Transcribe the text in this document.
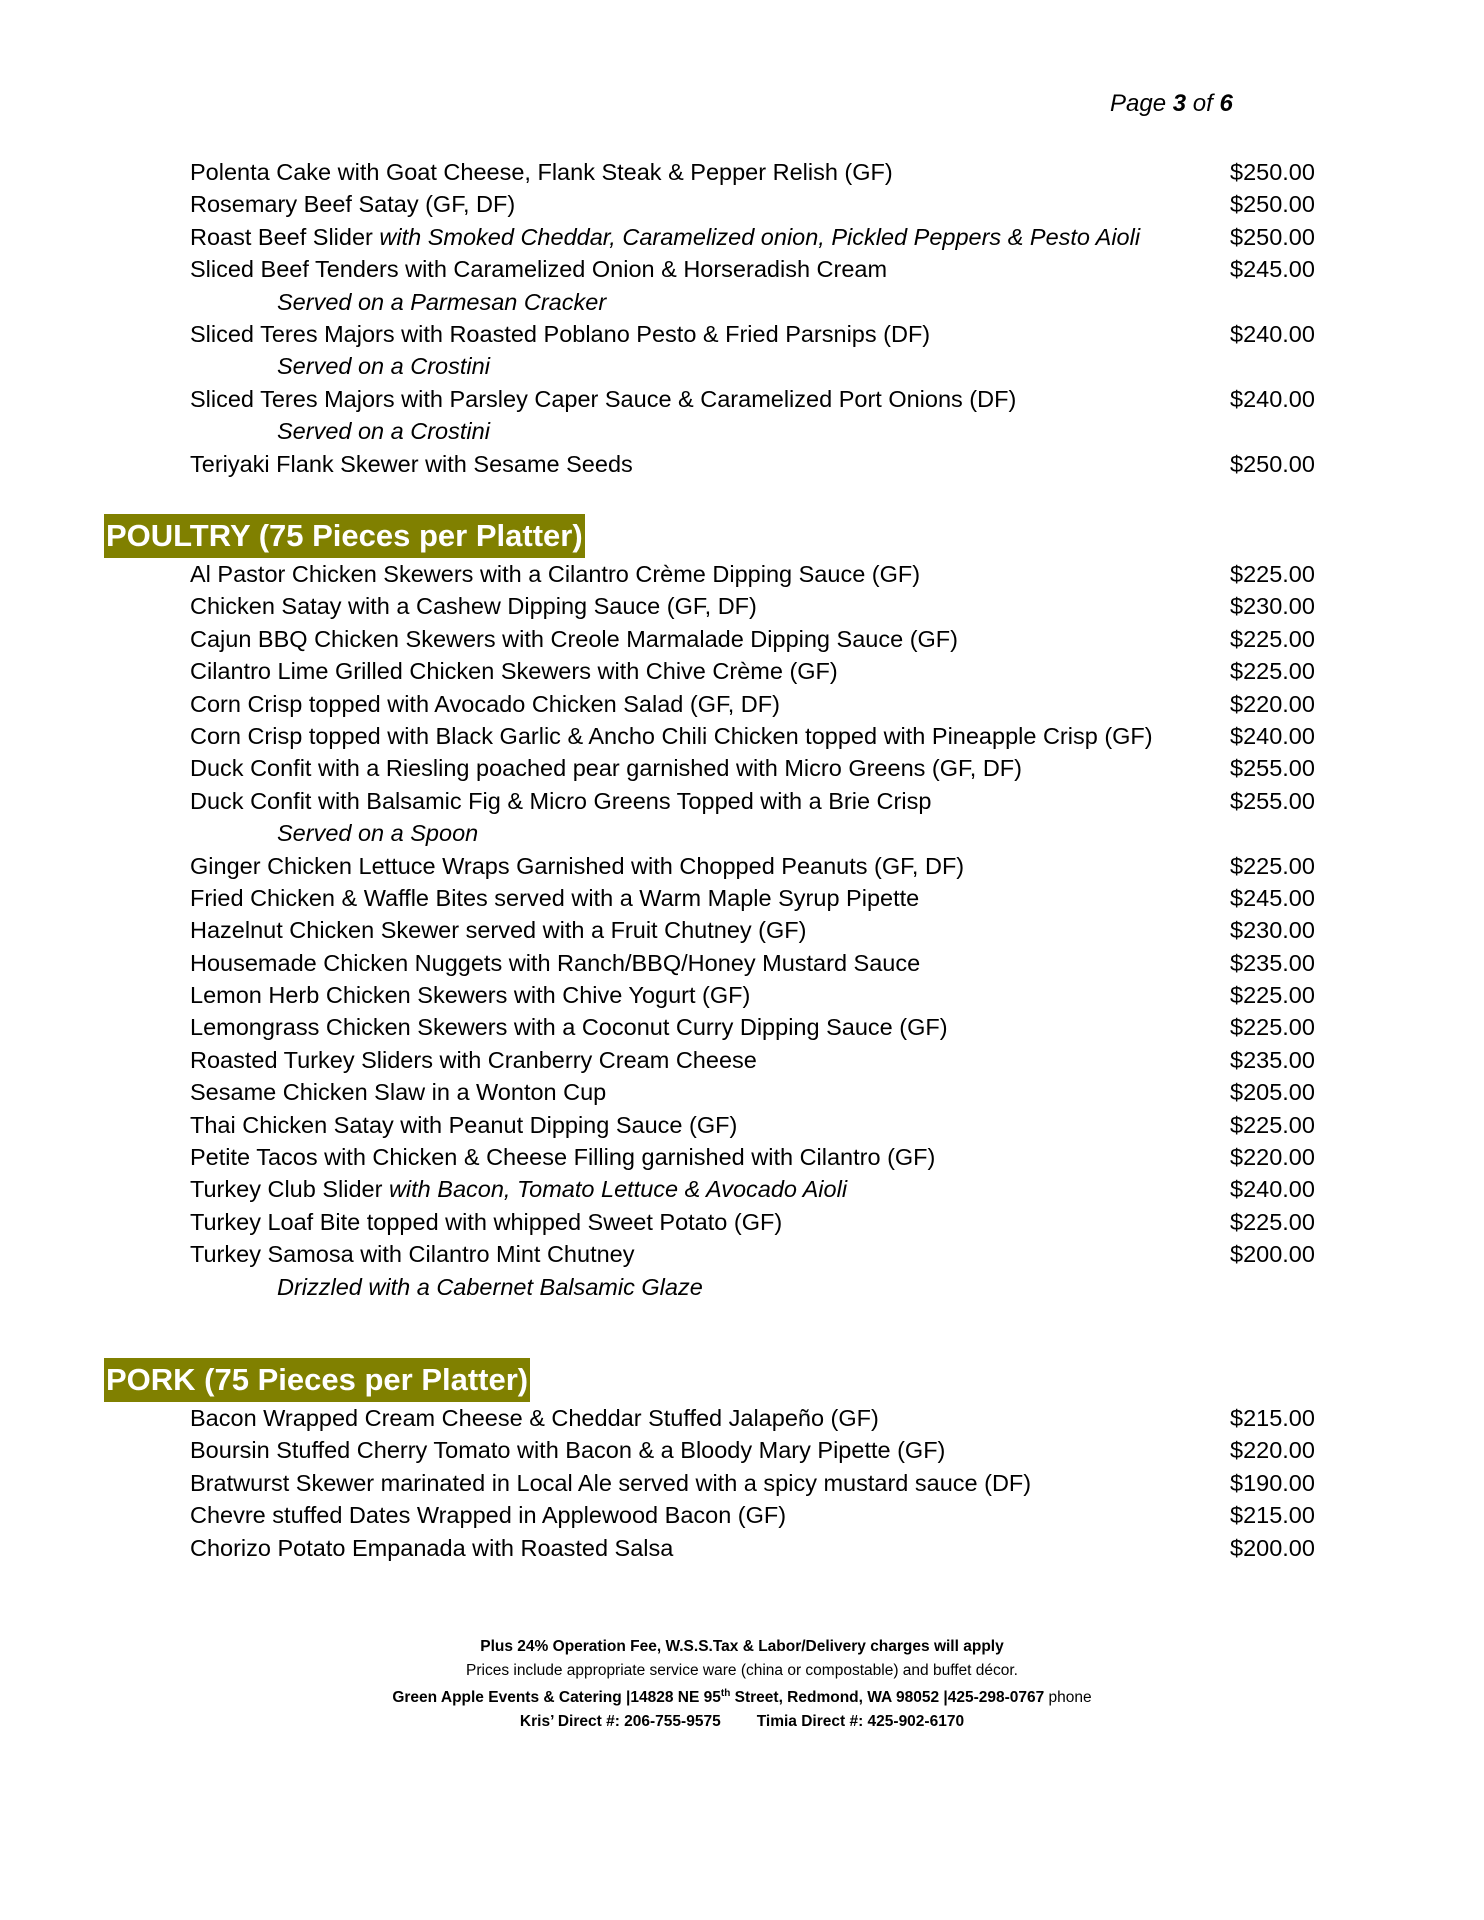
Page 3 of 6
Polenta Cake with Goat Cheese, Flank Steak & Pepper Relish (GF)	$250.00
Rosemary Beef Satay (GF, DF)	$250.00
Roast Beef Slider with Smoked Cheddar, Caramelized onion, Pickled Peppers & Pesto Aioli	$250.00
Sliced Beef Tenders with Caramelized Onion & Horseradish Cream	$245.00
Served on a Parmesan Cracker
Sliced Teres Majors with Roasted Poblano Pesto & Fried Parsnips (DF)	$240.00
Served on a Crostini
Sliced Teres Majors with Parsley Caper Sauce & Caramelized Port Onions (DF)	$240.00
Served on a Crostini
Teriyaki Flank Skewer with Sesame Seeds	$250.00
POULTRY (75 Pieces per Platter)
Al Pastor Chicken Skewers with a Cilantro Crème Dipping Sauce (GF)	$225.00
Chicken Satay with a Cashew Dipping Sauce (GF, DF)	$230.00
Cajun BBQ Chicken Skewers with Creole Marmalade Dipping Sauce (GF)	$225.00
Cilantro Lime Grilled Chicken Skewers with Chive Crème (GF)	$225.00
Corn Crisp topped with Avocado Chicken Salad (GF, DF)	$220.00
Corn Crisp topped with Black Garlic & Ancho Chili Chicken topped with Pineapple Crisp (GF)	$240.00
Duck Confit with a Riesling poached pear garnished with Micro Greens (GF, DF)	$255.00
Duck Confit with Balsamic Fig & Micro Greens Topped with a Brie Crisp	$255.00
Served on a Spoon
Ginger Chicken Lettuce Wraps Garnished with Chopped Peanuts (GF, DF)	$225.00
Fried Chicken & Waffle Bites served with a Warm Maple Syrup Pipette	$245.00
Hazelnut Chicken Skewer served with a Fruit Chutney (GF)	$230.00
Housemade Chicken Nuggets with Ranch/BBQ/Honey Mustard Sauce	$235.00
Lemon Herb Chicken Skewers with Chive Yogurt (GF)	$225.00
Lemongrass Chicken Skewers with a Coconut Curry Dipping Sauce (GF)	$225.00
Roasted Turkey Sliders with Cranberry Cream Cheese	$235.00
Sesame Chicken Slaw in a Wonton Cup	$205.00
Thai Chicken Satay with Peanut Dipping Sauce (GF)	$225.00
Petite Tacos with Chicken & Cheese Filling garnished with Cilantro (GF)	$220.00
Turkey Club Slider with Bacon, Tomato Lettuce & Avocado Aioli	$240.00
Turkey Loaf Bite topped with whipped Sweet Potato (GF)	$225.00
Turkey Samosa with Cilantro Mint Chutney	$200.00
Drizzled with a Cabernet Balsamic Glaze
PORK (75 Pieces per Platter)
Bacon Wrapped Cream Cheese & Cheddar Stuffed Jalapeño (GF)	$215.00
Boursin Stuffed Cherry Tomato with Bacon & a Bloody Mary Pipette (GF)	$220.00
Bratwurst Skewer marinated in Local Ale served with a spicy mustard sauce (DF)	$190.00
Chevre stuffed Dates Wrapped in Applewood Bacon (GF)	$215.00
Chorizo Potato Empanada with Roasted Salsa	$200.00
Plus 24% Operation Fee, W.S.S.Tax & Labor/Delivery charges will apply
Prices include appropriate service ware (china or compostable) and buffet décor.
Green Apple Events & Catering |14828 NE 95th Street, Redmond, WA 98052 |425-298-0767 phone
Kris’ Direct #: 206-755-9575 Timia Direct #: 425-902-6170
